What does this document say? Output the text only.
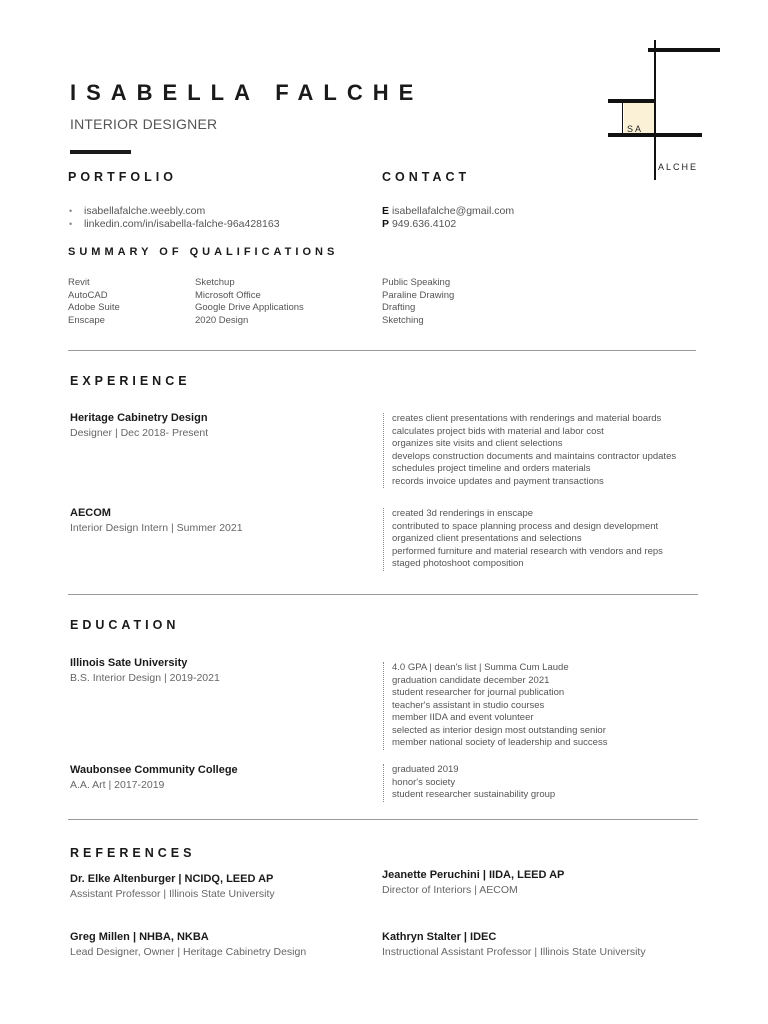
ISABELLA FALCHE
INTERIOR DESIGNER	SA
ALCHE
PORTFOLIO
• isabellafalche.weebly.com
• linkedin.com/in/isabella-falche-96a428163
CONTACT
E isabellafalche@gmail.com
P 949.636.4102
SUMMARY OF QUALIFICATIONS
Revit
AutoCAD
Adobe Suite
Enscape
Sketchup
Microsoft Office
Google Drive Applications
2020 Design
Public Speaking
Paraline Drawing
Drafting
Sketching
EXPERIENCE
Heritage Cabinetry Design
Designer | Dec 2018- Present
creates client presentations with renderings and material boards
calculates project bids with material and labor cost
organizes site visits and client selections
develops construction documents and maintains contractor updates
schedules project timeline and orders materials
records invoice updates and payment transactions
AECOM
Interior Design Intern | Summer 2021
created 3d renderings in enscape
contributed to space planning process and design development
organized client presentations and selections
performed furniture and material research with vendors and reps
staged photoshoot composition
EDUCATION
Illinois Sate University
B.S. Interior Design | 2019-2021
4.0 GPA | dean's list | Summa Cum Laude
graduation candidate december 2021
student researcher for journal publication
teacher's assistant in studio courses
member IIDA and event volunteer
selected as interior design most outstanding senior
member national society of leadership and success
Waubonsee Community College
A.A. Art | 2017-2019
graduated 2019
honor's society
student researcher sustainability group
REFERENCES
Dr. Elke Altenburger | NCIDQ, LEED AP
Assistant Professor | Illinois State University
Jeanette Peruchini | IIDA, LEED AP
Director of Interiors | AECOM
Greg Millen | NHBA, NKBA
Lead Designer, Owner | Heritage Cabinetry Design
Kathryn Stalter | IDEC
Instructional Assistant Professor | Illinois State University
